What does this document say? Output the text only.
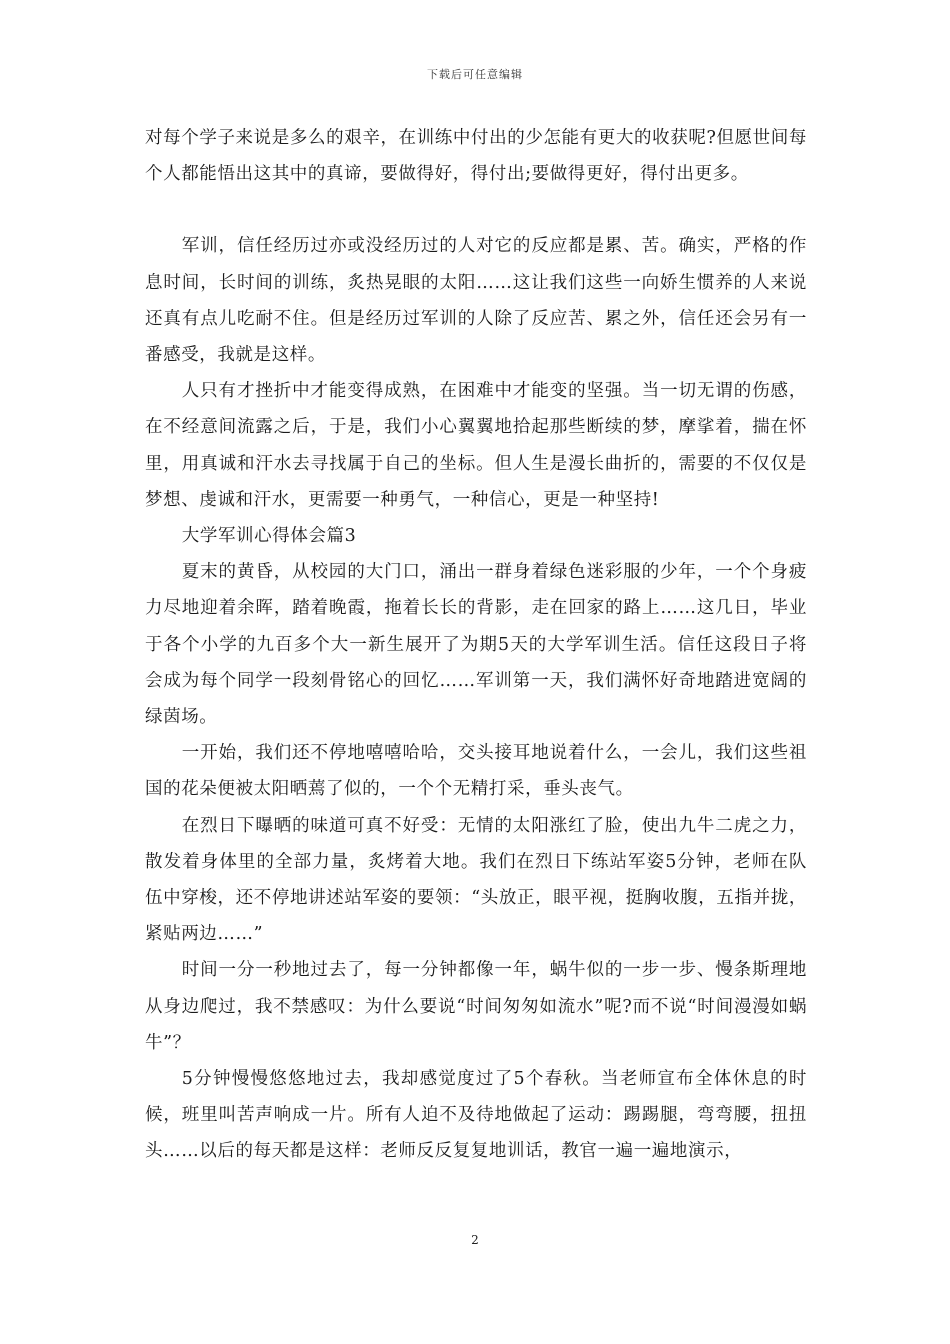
下载后可任意编辑

对每个学子来说是多么的艰辛，在训练中付出的少怎能有更大的收获呢?但愿世间每个人都能悟出这其中的真谛，要做得好，得付出;要做得更好，得付出更多。

军训，信任经历过亦或没经历过的人对它的反应都是累、苦。确实，严格的作息时间，长时间的训练，炙热晃眼的太阳……这让我们这些一向娇生惯养的人来说还真有点儿吃耐不住。但是经历过军训的人除了反应苦、累之外，信任还会另有一番感受，我就是这样。

人只有才挫折中才能变得成熟，在困难中才能变的坚强。当一切无谓的伤感，在不经意间流露之后，于是，我们小心翼翼地拾起那些断续的梦，摩挲着，揣在怀里，用真诚和汗水去寻找属于自己的坐标。但人生是漫长曲折的，需要的不仅仅是梦想、虔诚和汗水，更需要一种勇气，一种信心，更是一种坚持!

大学军训心得体会篇3

夏末的黄昏，从校园的大门口，涌出一群身着绿色迷彩服的少年，一个个身疲力尽地迎着余晖，踏着晚霞，拖着长长的背影，走在回家的路上……这几日，毕业于各个小学的九百多个大一新生展开了为期5天的大学军训生活。信任这段日子将会成为每个同学一段刻骨铭心的回忆……军训第一天，我们满怀好奇地踏进宽阔的绿茵场。

一开始，我们还不停地嘻嘻哈哈，交头接耳地说着什么，一会儿，我们这些祖国的花朵便被太阳晒蔫了似的，一个个无精打采，垂头丧气。

在烈日下曝晒的味道可真不好受：无情的太阳涨红了脸，使出九牛二虎之力，散发着身体里的全部力量，炙烤着大地。我们在烈日下练站军姿5分钟，老师在队伍中穿梭，还不停地讲述站军姿的要领：“头放正，眼平视，挺胸收腹，五指并拢，紧贴两边……”

时间一分一秒地过去了，每一分钟都像一年，蜗牛似的一步一步、慢条斯理地从身边爬过，我不禁感叹：为什么要说“时间匆匆如流水”呢?而不说“时间漫漫如蜗牛”？

5分钟慢慢悠悠地过去，我却感觉度过了5个春秋。当老师宣布全体休息的时候，班里叫苦声响成一片。所有人迫不及待地做起了运动：踢踢腿，弯弯腰，扭扭头……以后的每天都是这样：老师反反复复地训话，教官一遍一遍地演示，

2
